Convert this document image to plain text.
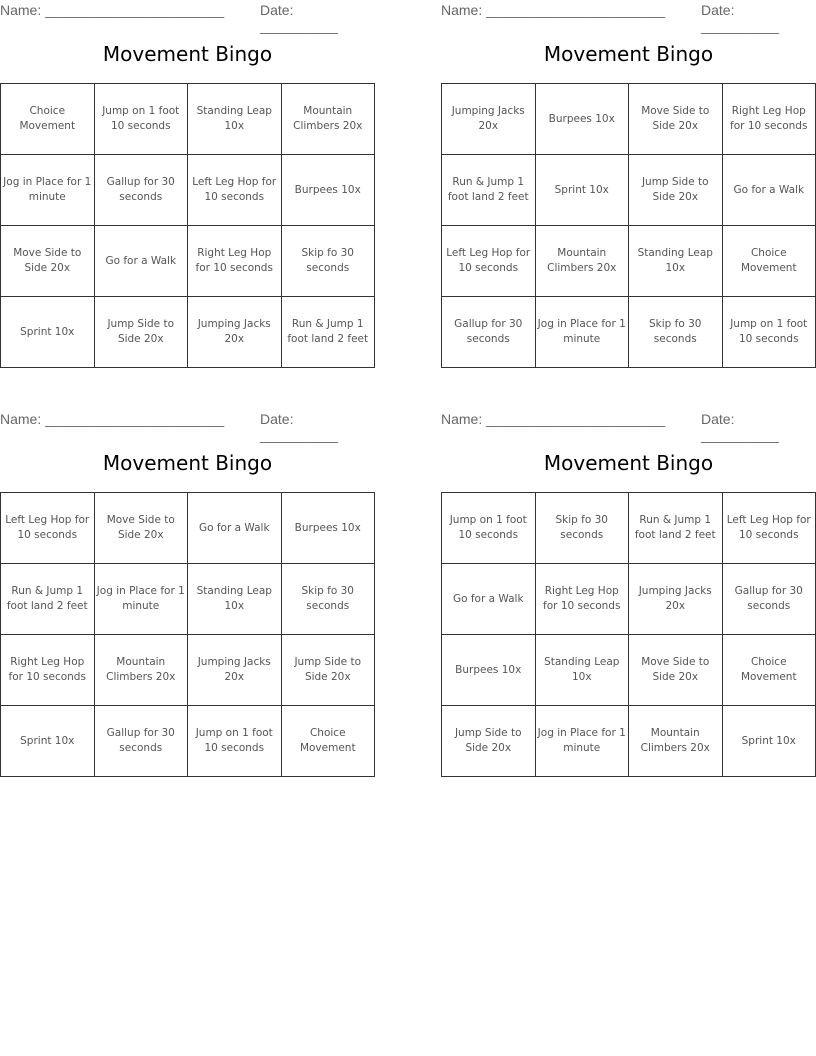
Name: _______________________	Date: __________
Movement Bingo
Choice Movement	Jump on 1 foot 10 seconds	Standing Leap 10x	Mountain Climbers 20x
Jog in Place for 1 minute	Gallup for 30 seconds	Left Leg Hop for 10 seconds	Burpees 10x
Move Side to Side 20x	Go for a Walk	Right Leg Hop for 10 seconds	Skip fo 30 seconds
Sprint 10x	Jump Side to Side 20x	Jumping Jacks 20x	Run & Jump 1 foot land 2 feet
Name: _______________________	Date: __________
Movement Bingo
Jumping Jacks 20x	Burpees 10x	Move Side to Side 20x	Right Leg Hop for 10 seconds
Run & Jump 1 foot land 2 feet	Sprint 10x	Jump Side to Side 20x	Go for a Walk
Left Leg Hop for 10 seconds	Mountain Climbers 20x	Standing Leap 10x	Choice Movement
Gallup for 30 seconds	Jog in Place for 1 minute	Skip fo 30 seconds	Jump on 1 foot 10 seconds
Name: _______________________	Date: __________
Movement Bingo
Left Leg Hop for 10 seconds	Move Side to Side 20x	Go for a Walk	Burpees 10x
Run & Jump 1 foot land 2 feet	Jog in Place for 1 minute	Standing Leap 10x	Skip fo 30 seconds
Right Leg Hop for 10 seconds	Mountain Climbers 20x	Jumping Jacks 20x	Jump Side to Side 20x
Sprint 10x	Gallup for 30 seconds	Jump on 1 foot 10 seconds	Choice Movement
Name: _______________________	Date: __________
Movement Bingo
Jump on 1 foot 10 seconds	Skip fo 30 seconds	Run & Jump 1 foot land 2 feet	Left Leg Hop for 10 seconds
Go for a Walk	Right Leg Hop for 10 seconds	Jumping Jacks 20x	Gallup for 30 seconds
Burpees 10x	Standing Leap 10x	Move Side to Side 20x	Choice Movement
Jump Side to Side 20x	Jog in Place for 1 minute	Mountain Climbers 20x	Sprint 10x
